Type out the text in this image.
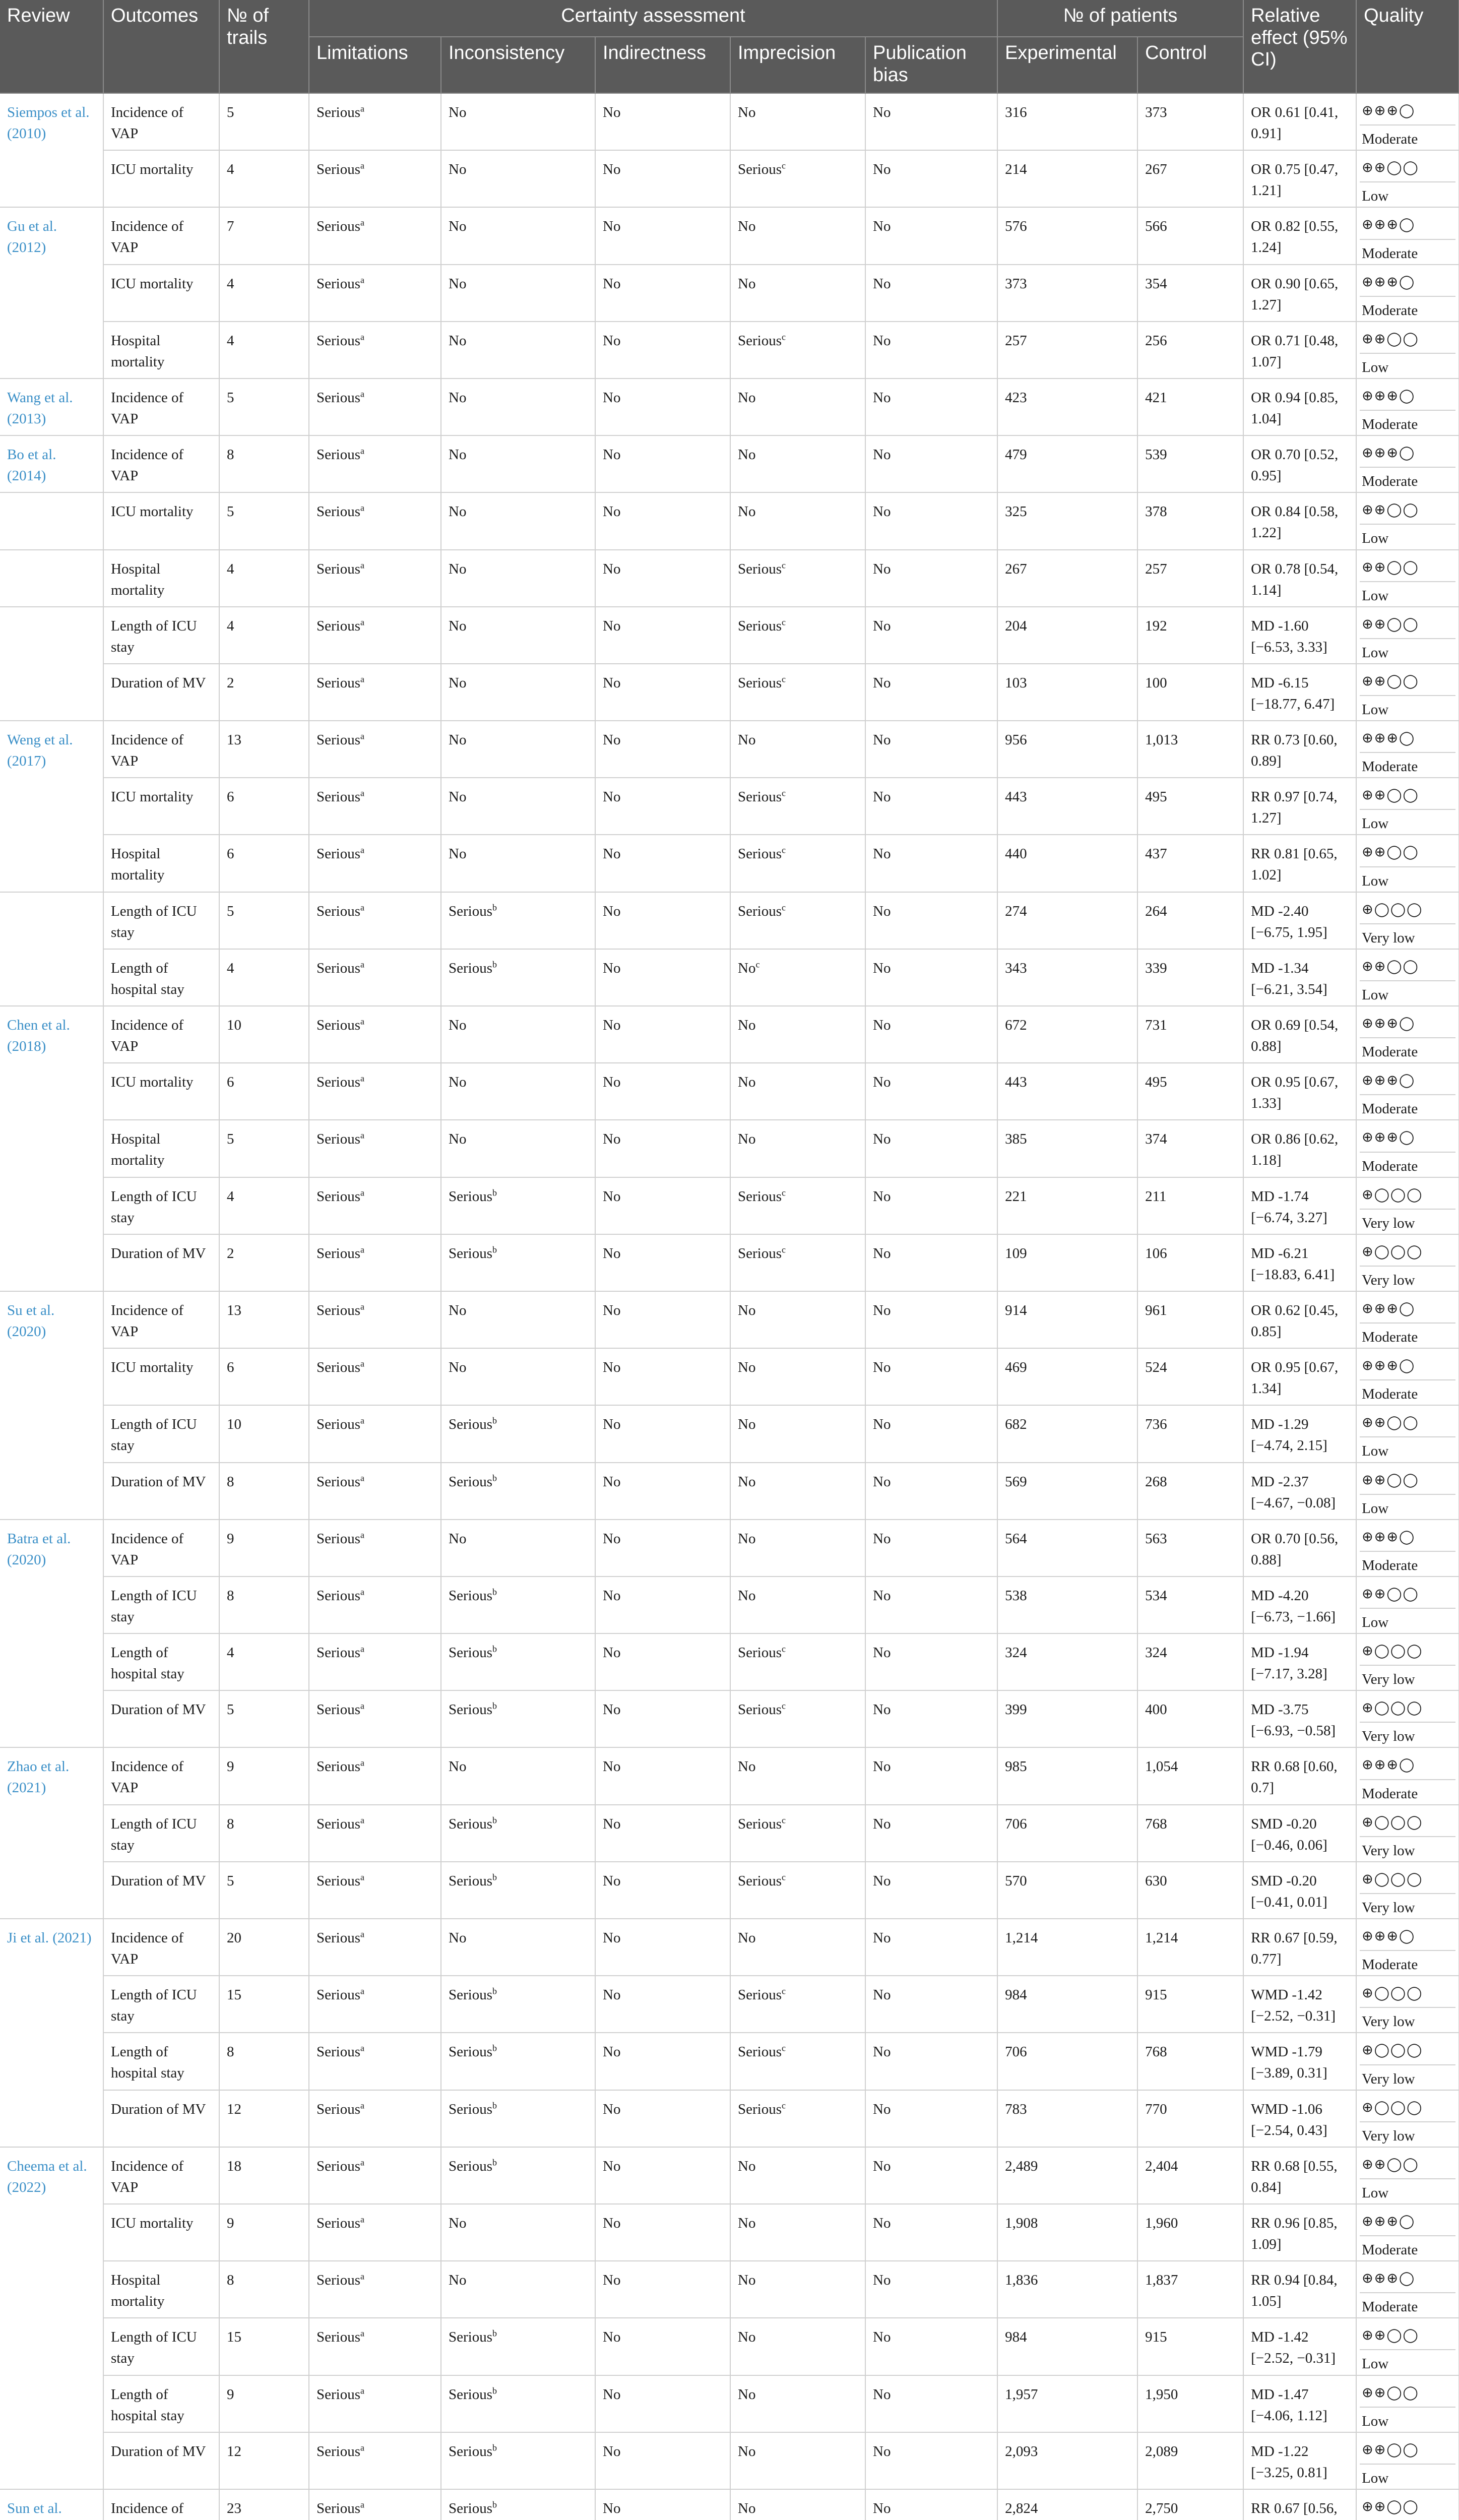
Review	Outcomes	№ of trails	Certainty assessment					№ of patients		Relative effect (95% CI)	Quality
			Limitations	Inconsistency	Indirectness	Imprecision	Publication bias	Experimental	Control		
Siempos et al. (2010)	Incidence of VAP	5	Serious$^a$	No	No	No	No	316	373	OR 0.61 [0.41, 0.91]	⊕⊕⊕◯
Moderate

	ICU mortality	4	Serious$^a$	No	No	Serious$^c$	No	214	267	OR 0.75 [0.47, 1.21]	⊕⊕◯◯
Low

Gu et al. (2012)	Incidence of VAP	7	Serious$^a$	No	No	No	No	576	566	OR 0.82 [0.55, 1.24]	⊕⊕⊕◯
Moderate

	ICU mortality	4	Serious$^a$	No	No	No	No	373	354	OR 0.90 [0.65, 1.27]	⊕⊕⊕◯
Moderate

	Hospital mortality	4	Serious$^a$	No	No	Serious$^c$	No	257	256	OR 0.71 [0.48, 1.07]	⊕⊕◯◯
Low

Wang et al. (2013)	Incidence of VAP	5	Serious$^a$	No	No	No	No	423	421	OR 0.94 [0.85, 1.04]	⊕⊕⊕◯
Moderate

Bo et al. (2014)	Incidence of VAP	8	Serious$^a$	No	No	No	No	479	539	OR 0.70 [0.52, 0.95]	⊕⊕⊕◯
Moderate

	ICU mortality	5	Serious$^a$	No	No	No	No	325	378	OR 0.84 [0.58, 1.22]	⊕⊕◯◯
Low

	Hospital mortality	4	Serious$^a$	No	No	Serious$^c$	No	267	257	OR 0.78 [0.54, 1.14]	⊕⊕◯◯
Low

	Length of ICU stay	4	Serious$^a$	No	No	Serious$^c$	No	204	192	MD -1.60 [−6.53, 3.33]	⊕⊕◯◯
Low

	Duration of MV	2	Serious$^a$	No	No	Serious$^c$	No	103	100	MD -6.15 [−18.77, 6.47]	⊕⊕◯◯
Low

Weng et al. (2017)	Incidence of VAP	13	Serious$^a$	No	No	No	No	956	1,013	RR 0.73 [0.60, 0.89]	⊕⊕⊕◯
Moderate

	ICU mortality	6	Serious$^a$	No	No	Serious$^c$	No	443	495	RR 0.97 [0.74, 1.27]	⊕⊕◯◯
Low

	Hospital mortality	6	Serious$^a$	No	No	Serious$^c$	No	440	437	RR 0.81 [0.65, 1.02]	⊕⊕◯◯
Low

	Length of ICU stay	5	Serious$^a$	Serious$^b$	No	Serious$^c$	No	274	264	MD -2.40 [−6.75, 1.95]	⊕◯◯◯
Very low

	Length of hospital stay	4	Serious$^a$	Serious$^b$	No	No$^c$	No	343	339	MD -1.34 [−6.21, 3.54]	⊕⊕◯◯
Low

Chen et al. (2018)	Incidence of VAP	10	Serious$^a$	No	No	No	No	672	731	OR 0.69 [0.54, 0.88]	⊕⊕⊕◯
Moderate

	ICU mortality	6	Serious$^a$	No	No	No	No	443	495	OR 0.95 [0.67, 1.33]	⊕⊕⊕◯
Moderate

	Hospital mortality	5	Serious$^a$	No	No	No	No	385	374	OR 0.86 [0.62, 1.18]	⊕⊕⊕◯
Moderate

	Length of ICU stay	4	Serious$^a$	Serious$^b$	No	Serious$^c$	No	221	211	MD -1.74 [−6.74, 3.27]	⊕◯◯◯
Very low

	Duration of MV	2	Serious$^a$	Serious$^b$	No	Serious$^c$	No	109	106	MD -6.21 [−18.83, 6.41]	⊕◯◯◯
Very low

Su et al. (2020)	Incidence of VAP	13	Serious$^a$	No	No	No	No	914	961	OR 0.62 [0.45, 0.85]	⊕⊕⊕◯
Moderate

	ICU mortality	6	Serious$^a$	No	No	No	No	469	524	OR 0.95 [0.67, 1.34]	⊕⊕⊕◯
Moderate

	Length of ICU stay	10	Serious$^a$	Serious$^b$	No	No	No	682	736	MD -1.29 [−4.74, 2.15]	⊕⊕◯◯
Low

	Duration of MV	8	Serious$^a$	Serious$^b$	No	No	No	569	268	MD -2.37 [−4.67, −0.08]	⊕⊕◯◯
Low

Batra et al. (2020)	Incidence of VAP	9	Serious$^a$	No	No	No	No	564	563	OR 0.70 [0.56, 0.88]	⊕⊕⊕◯
Moderate

	Length of ICU stay	8	Serious$^a$	Serious$^b$	No	No	No	538	534	MD -4.20 [−6.73, −1.66]	⊕⊕◯◯
Low

	Length of hospital stay	4	Serious$^a$	Serious$^b$	No	Serious$^c$	No	324	324	MD -1.94 [−7.17, 3.28]	⊕◯◯◯
Very low

	Duration of MV	5	Serious$^a$	Serious$^b$	No	Serious$^c$	No	399	400	MD -3.75 [−6.93, −0.58]	⊕◯◯◯
Very low

Zhao et al. (2021)	Incidence of VAP	9	Serious$^a$	No	No	No	No	985	1,054	RR 0.68 [0.60, 0.7]	⊕⊕⊕◯
Moderate

	Length of ICU stay	8	Serious$^a$	Serious$^b$	No	Serious$^c$	No	706	768	SMD -0.20 [−0.46, 0.06]	⊕◯◯◯
Very low

	Duration of MV	5	Serious$^a$	Serious$^b$	No	Serious$^c$	No	570	630	SMD -0.20 [−0.41, 0.01]	⊕◯◯◯
Very low

Ji et al. (2021)	Incidence of VAP	20	Serious$^a$	No	No	No	No	1,214	1,214	RR 0.67 [0.59, 0.77]	⊕⊕⊕◯
Moderate

	Length of ICU stay	15	Serious$^a$	Serious$^b$	No	Serious$^c$	No	984	915	WMD -1.42 [−2.52, −0.31]	⊕◯◯◯
Very low

	Length of hospital stay	8	Serious$^a$	Serious$^b$	No	Serious$^c$	No	706	768	WMD -1.79 [−3.89, 0.31]	⊕◯◯◯
Very low

	Duration of MV	12	Serious$^a$	Serious$^b$	No	Serious$^c$	No	783	770	WMD -1.06 [−2.54, 0.43]	⊕◯◯◯
Very low

Cheema et al. (2022)	Incidence of VAP	18	Serious$^a$	Serious$^b$	No	No	No	2,489	2,404	RR 0.68 [0.55, 0.84]	⊕⊕◯◯
Low

	ICU mortality	9	Serious$^a$	No	No	No	No	1,908	1,960	RR 0.96 [0.85, 1.09]	⊕⊕⊕◯
Moderate

	Hospital mortality	8	Serious$^a$	No	No	No	No	1,836	1,837	RR 0.94 [0.84, 1.05]	⊕⊕⊕◯
Moderate

	Length of ICU stay	15	Serious$^a$	Serious$^b$	No	No	No	984	915	MD -1.42 [−2.52, −0.31]	⊕⊕◯◯
Low

	Length of hospital stay	9	Serious$^a$	Serious$^b$	No	No	No	1,957	1,950	MD -1.47 [−4.06, 1.12]	⊕⊕◯◯
Low

	Duration of MV	12	Serious$^a$	Serious$^b$	No	No	No	2,093	2,089	MD -1.22 [−3.25, 0.81]	⊕⊕◯◯
Low

Sun et al.	Incidence of	23	Serious$^a$	Serious$^b$	No	No	No	2,824	2,750	RR 0.67 [0.56,	⊕⊕◯◯
